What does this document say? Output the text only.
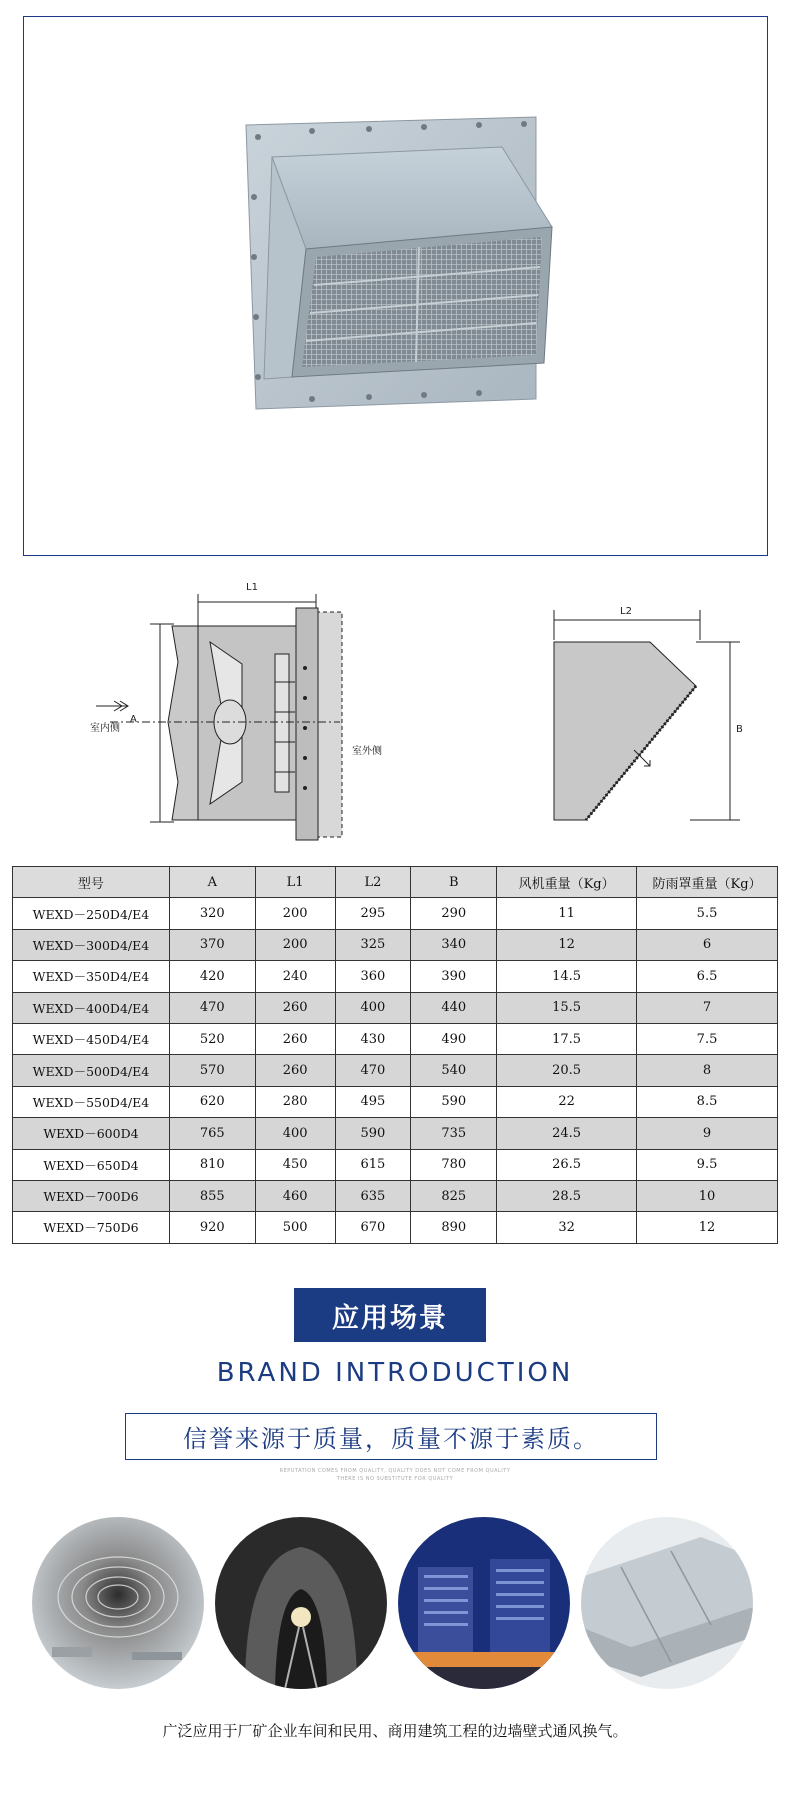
L1
A
室内侧
室外侧
L2
B
型号	A	L1	L2	B	风机重量（Kg）	防雨罩重量（Kg）
WEXD－250D4/E4	320	200	295	290	11	5.5
WEXD－300D4/E4	370	200	325	340	12	6
WEXD－350D4/E4	420	240	360	390	14.5	6.5
WEXD－400D4/E4	470	260	400	440	15.5	7
WEXD－450D4/E4	520	260	430	490	17.5	7.5
WEXD－500D4/E4	570	260	470	540	20.5	8
WEXD－550D4/E4	620	280	495	590	22	8.5
WEXD－600D4	765	400	590	735	24.5	9
WEXD－650D4	810	450	615	780	26.5	9.5
WEXD－700D6	855	460	635	825	28.5	10
WEXD－750D6	920	500	670	890	32	12
应用场景
BRAND INTRODUCTION
信誉来源于质量，质量不源于素质。
REPUTATION COMES FROM QUALITY, QUALITY DOES NOT COME FROM QUALITY
THERE IS NO SUBSTITUTE FOR QUALITY
广泛应用于厂矿企业车间和民用、商用建筑工程的边墙壁式通风换气。
